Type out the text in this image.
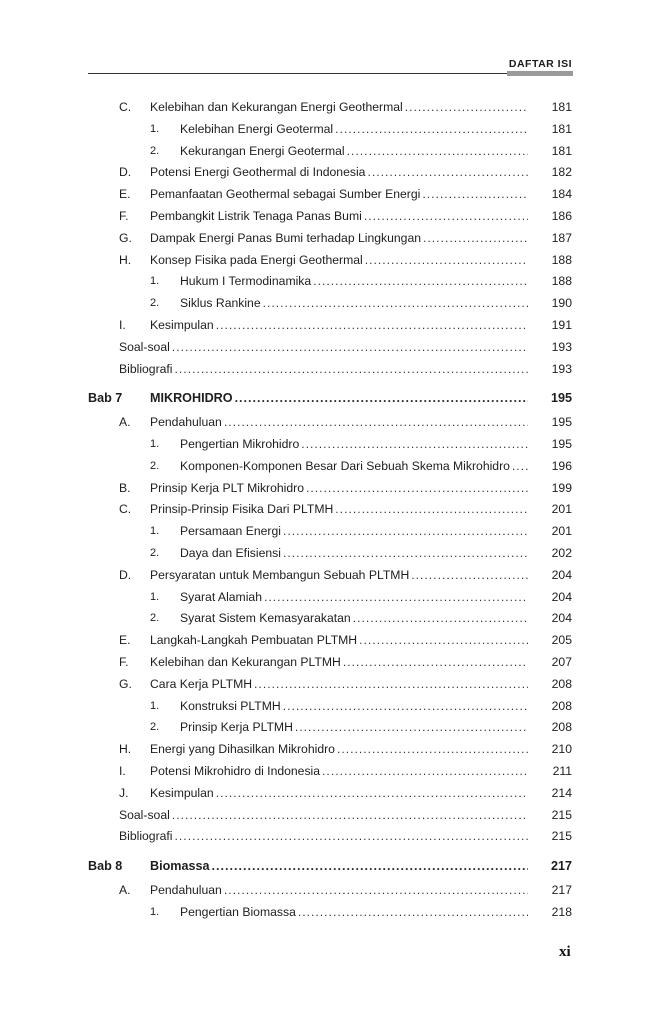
DAFTAR ISI
C. Kelebihan dan Kekurangan Energi Geothermal .....	181
1. Kelebihan Energi Geotermal .....	181
2. Kekurangan Energi Geotermal .....	181
D. Potensi Energi Geothermal di Indonesia .....	182
E. Pemanfaatan Geothermal sebagai Sumber Energi .....	184
F. Pembangkit Listrik Tenaga Panas Bumi .....	186
G. Dampak Energi Panas Bumi terhadap Lingkungan .....	187
H. Konsep Fisika pada Energi Geothermal .....	188
1. Hukum I Termodinamika .....	188
2. Siklus Rankine .....	190
I. Kesimpulan .....	191
Soal-soal .....	193
Bibliografi .....	193
Bab 7 MIKROHIDRO .....	195
A. Pendahuluan .....	195
1. Pengertian Mikrohidro .....	195
2. Komponen-Komponen Besar Dari Sebuah Skema Mikrohidro .....	196
B. Prinsip Kerja PLT Mikrohidro .....	199
C. Prinsip-Prinsip Fisika Dari PLTMH .....	201
1. Persamaan Energi .....	201
2. Daya dan Efisiensi .....	202
D. Persyaratan untuk Membangun Sebuah PLTMH .....	204
1. Syarat Alamiah .....	204
2. Syarat Sistem Kemasyarakatan .....	204
E. Langkah-Langkah Pembuatan PLTMH .....	205
F. Kelebihan dan Kekurangan PLTMH .....	207
G. Cara Kerja PLTMH .....	208
1. Konstruksi PLTMH .....	208
2. Prinsip Kerja PLTMH .....	208
H. Energi yang Dihasilkan Mikrohidro .....	210
I. Potensi Mikrohidro di Indonesia .....	211
J. Kesimpulan .....	214
Soal-soal .....	215
Bibliografi .....	215
Bab 8 Biomassa .....	217
A. Pendahuluan .....	217
1. Pengertian Biomassa .....	218
xi
